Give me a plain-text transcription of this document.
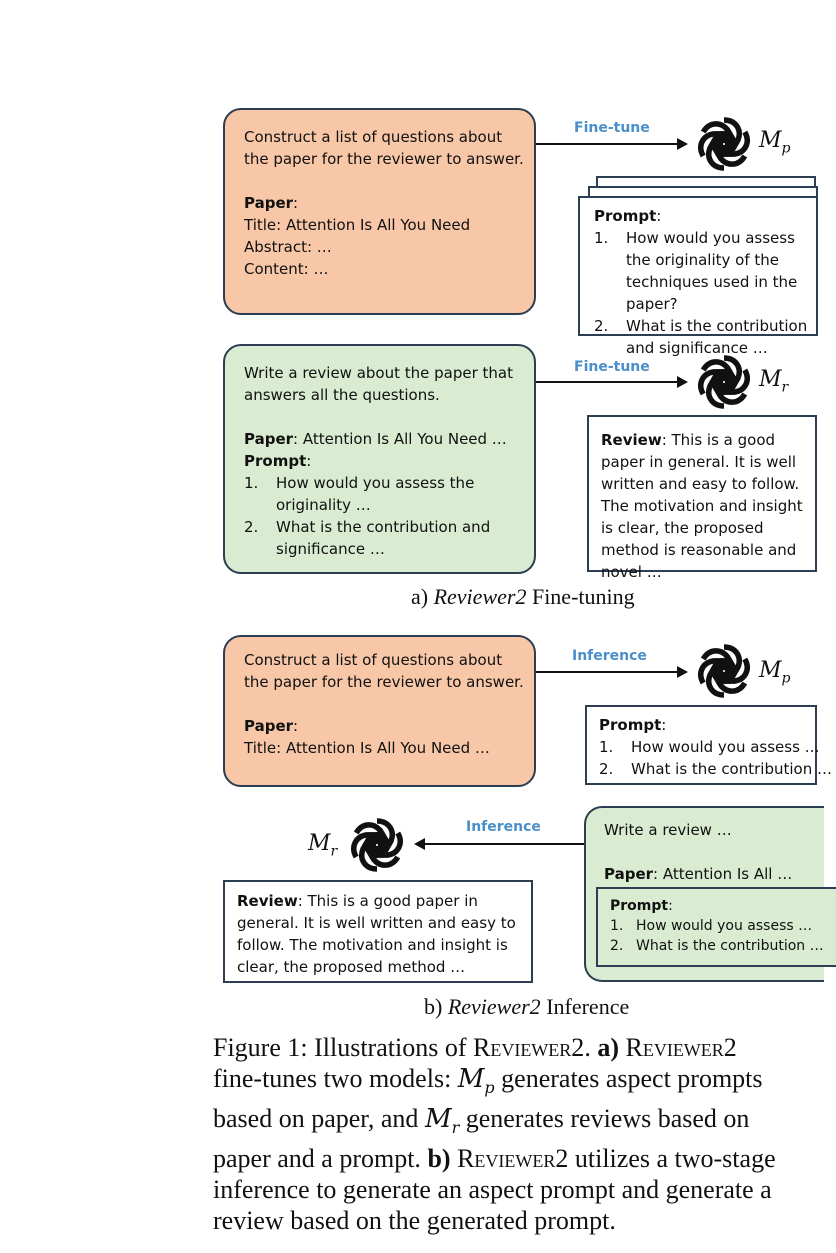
Construct a list of questions about the paper for the reviewer to answer.

Paper:

Title: Attention Is All You Need

Abstract: …

Content: …

Fine-tune	$M_p$

Prompt:

1. How would you assess the originality of the techniques used in the paper?
2. What is the contribution and significance …

Write a review about the paper that answers all the questions.

Paper: Attention Is All You Need …

Prompt:

1. How would you assess the originality …
2. What is the contribution and significance …
Fine-tune	$M_r$

Review: This is a good paper in general. It is well written and easy to follow. The motivation and insight is clear, the proposed method is reasonable and novel …

a) Reviewer2 Fine-tuning

Construct a list of questions about the paper for the reviewer to answer.

Paper:

Title: Attention Is All You Need …

Inference
$M_p$

Prompt:

1. How would you assess …
2. What is the contribution …
$M_r$
Inference

Review: This is a good paper in general. It is well written and easy to follow. The motivation and insight is clear, the proposed method …

Write a review …

Paper: Attention Is All …

Prompt:

1. How would you assess …
2. What is the contribution …
b) Reviewer2 Inference
Figure 1: Illustrations of Reviewer2. a) Reviewer2
fine-tunes two models: $M_p$ generates aspect prompts
based on paper, and $M_r$ generates reviews based on
paper and a prompt. b) Reviewer2 utilizes a two-stage
inference to generate an aspect prompt and generate a
review based on the generated prompt.
